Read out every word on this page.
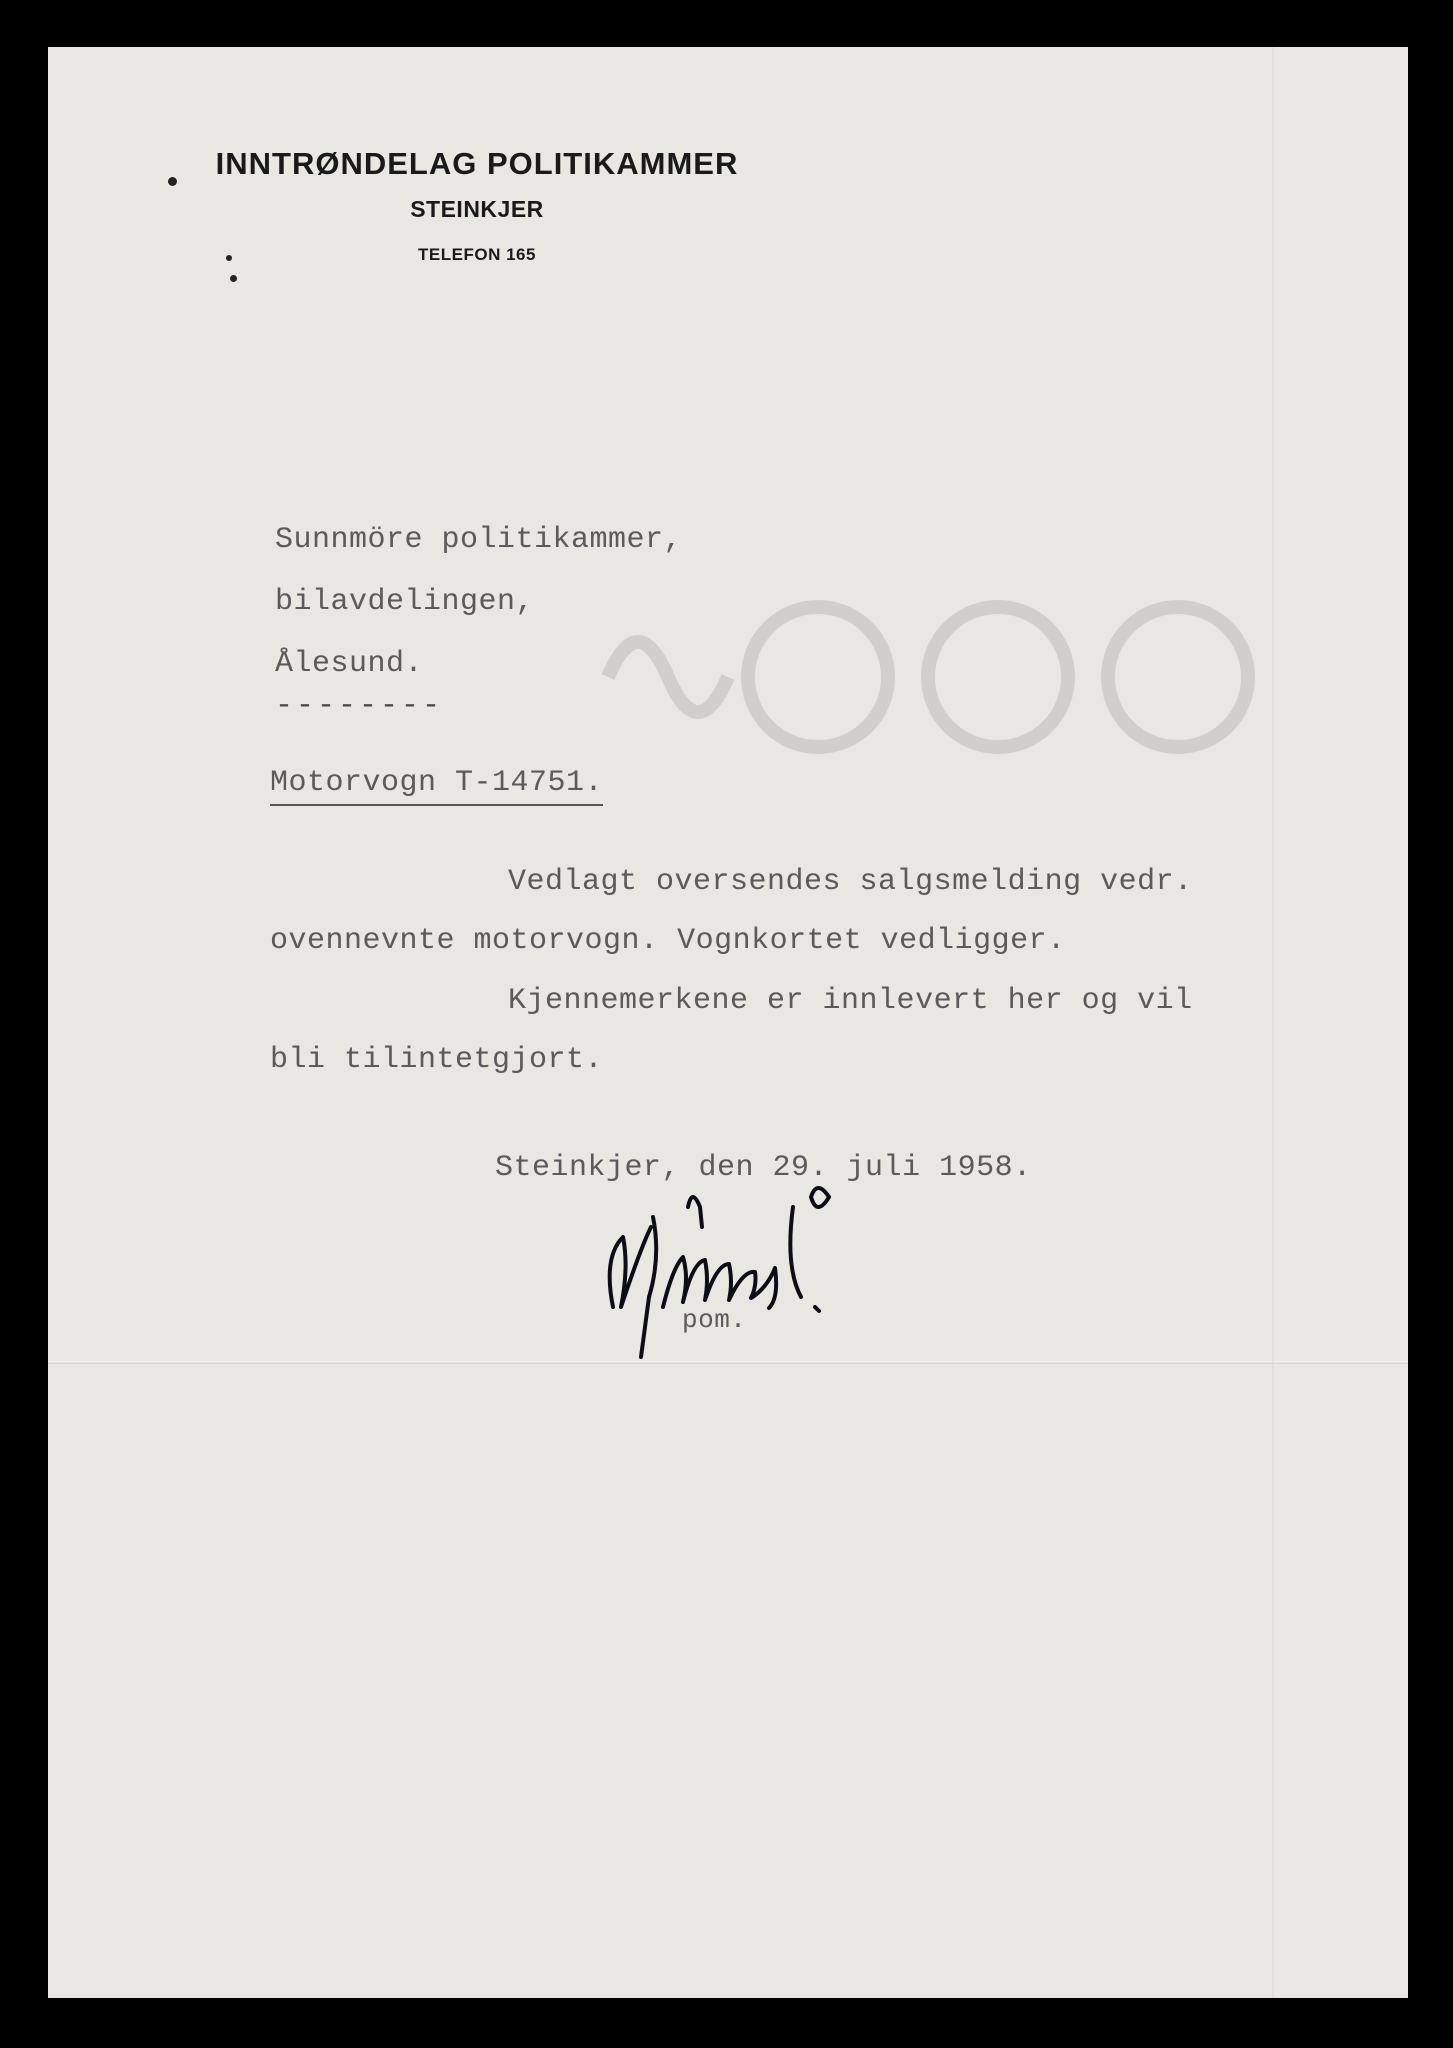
INNTRØNDELAG POLITIKAMMER
STEINKJER
TELEFON 165
Sunnmöre politikammer,
bilavdelingen,
Ålesund.
--------
Motorvogn T-14751.
Vedlagt oversendes salgsmelding vedr.
ovennevnte motorvogn. Vognkortet vedligger.
Kjennemerkene er innlevert her og vil
bli tilintetgjort.
Steinkjer, den 29. juli 1958.
pom.
